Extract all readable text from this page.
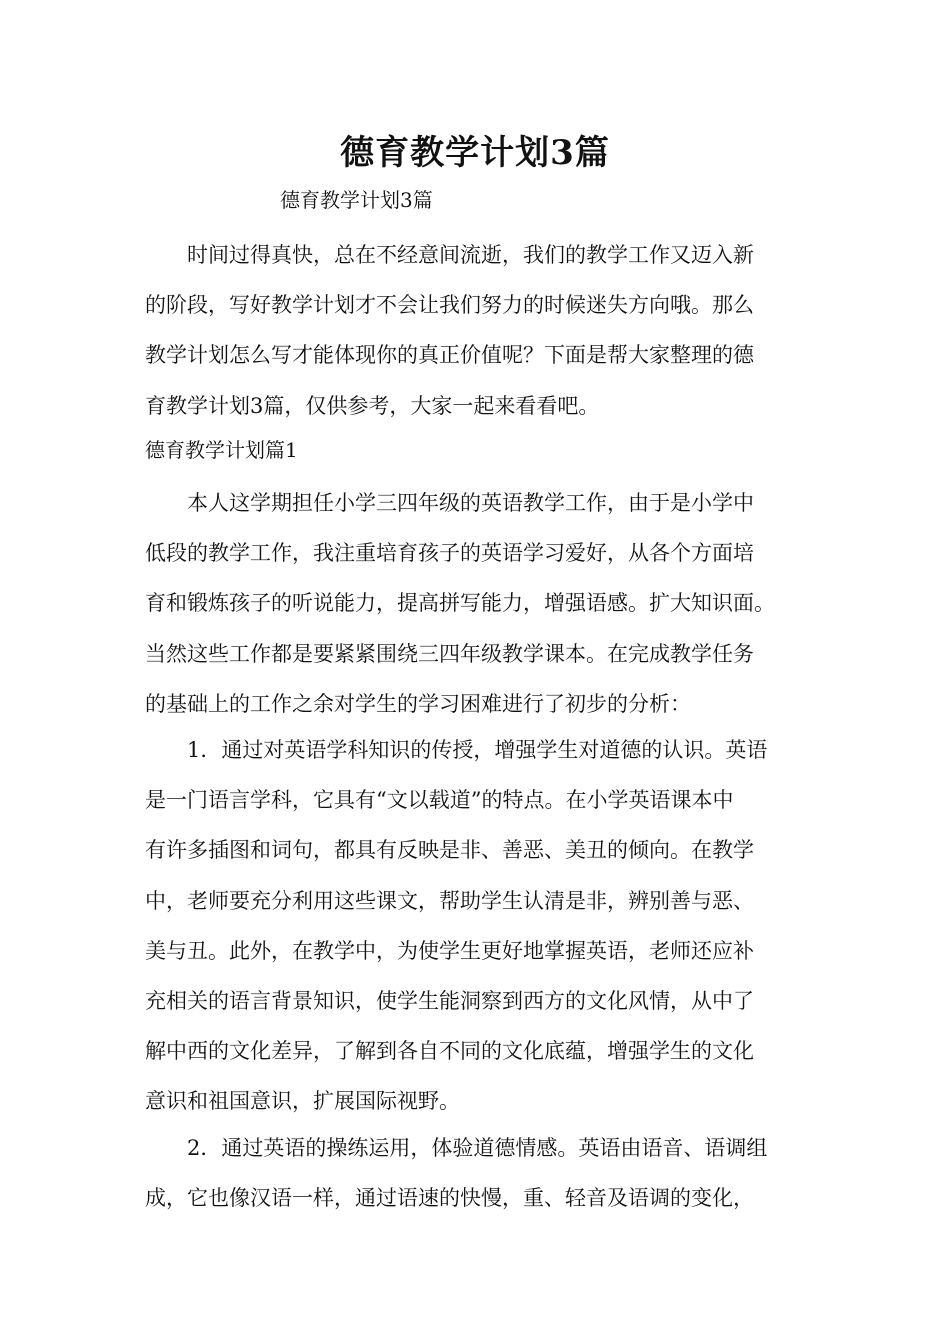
德育教学计划3篇
德育教学计划3篇
时间过得真快，总在不经意间流逝，我们的教学工作又迈入新
的阶段，写好教学计划才不会让我们努力的时候迷失方向哦。那么
教学计划怎么写才能体现你的真正价值呢？下面是帮大家整理的德
育教学计划3篇，仅供参考，大家一起来看看吧。
德育教学计划篇1
本人这学期担任小学三四年级的英语教学工作，由于是小学中
低段的教学工作，我注重培育孩子的英语学习爱好，从各个方面培
育和锻炼孩子的听说能力，提高拼写能力，增强语感。扩大知识面。
当然这些工作都是要紧紧围绕三四年级教学课本。在完成教学任务
的基础上的工作之余对学生的学习困难进行了初步的分析：
1．通过对英语学科知识的传授，增强学生对道德的认识。英语
是一门语言学科，它具有“文以载道”的特点。在小学英语课本中
有许多插图和词句，都具有反映是非、善恶、美丑的倾向。在教学
中，老师要充分利用这些课文，帮助学生认清是非，辨别善与恶、
美与丑。此外，在教学中，为使学生更好地掌握英语，老师还应补
充相关的语言背景知识，使学生能洞察到西方的文化风情，从中了
解中西的文化差异，了解到各自不同的文化底蕴，增强学生的文化
意识和祖国意识，扩展国际视野。
2．通过英语的操练运用，体验道德情感。英语由语音、语调组
成，它也像汉语一样，通过语速的快慢，重、轻音及语调的变化，
